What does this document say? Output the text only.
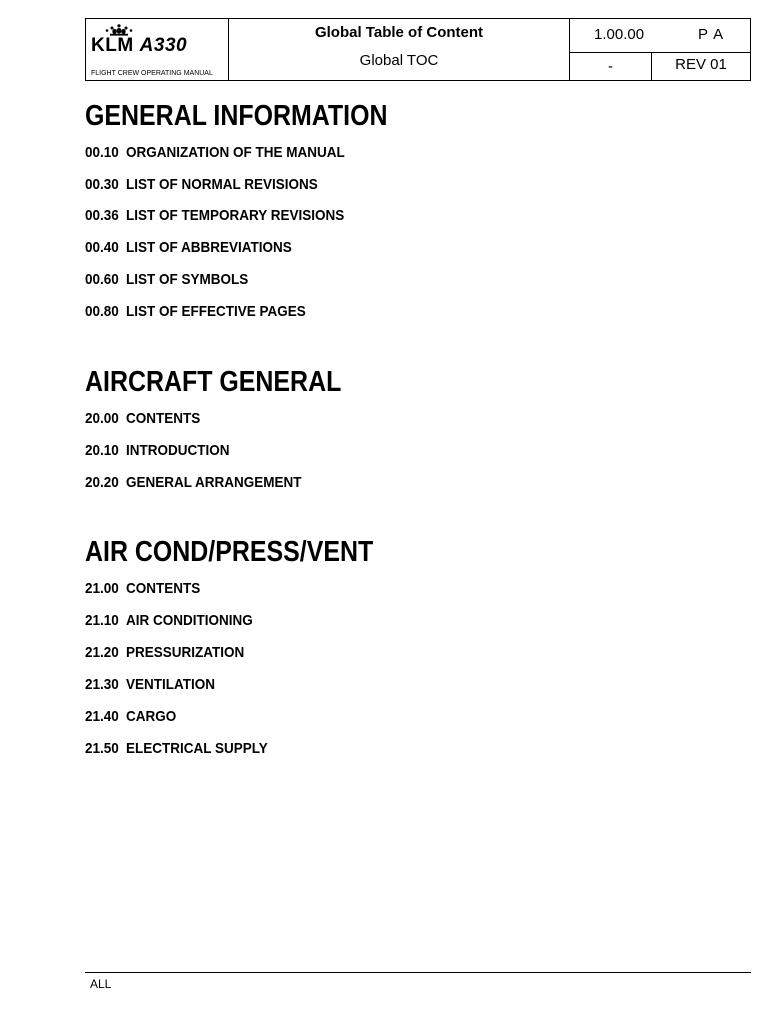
KLM A330
FLIGHT CREW OPERATING MANUAL
Global Table of Content
Global TOC
1.00.00	P A
-	REV 01
GENERAL INFORMATION
00.10 ORGANIZATION OF THE MANUAL
00.30 LIST OF NORMAL REVISIONS
00.36 LIST OF TEMPORARY REVISIONS
00.40 LIST OF ABBREVIATIONS
00.60 LIST OF SYMBOLS
00.80 LIST OF EFFECTIVE PAGES
AIRCRAFT GENERAL
20.00 CONTENTS
20.10 INTRODUCTION
20.20 GENERAL ARRANGEMENT
AIR COND/PRESS/VENT
21.00 CONTENTS
21.10 AIR CONDITIONING
21.20 PRESSURIZATION
21.30 VENTILATION
21.40 CARGO
21.50 ELECTRICAL SUPPLY
ALL
